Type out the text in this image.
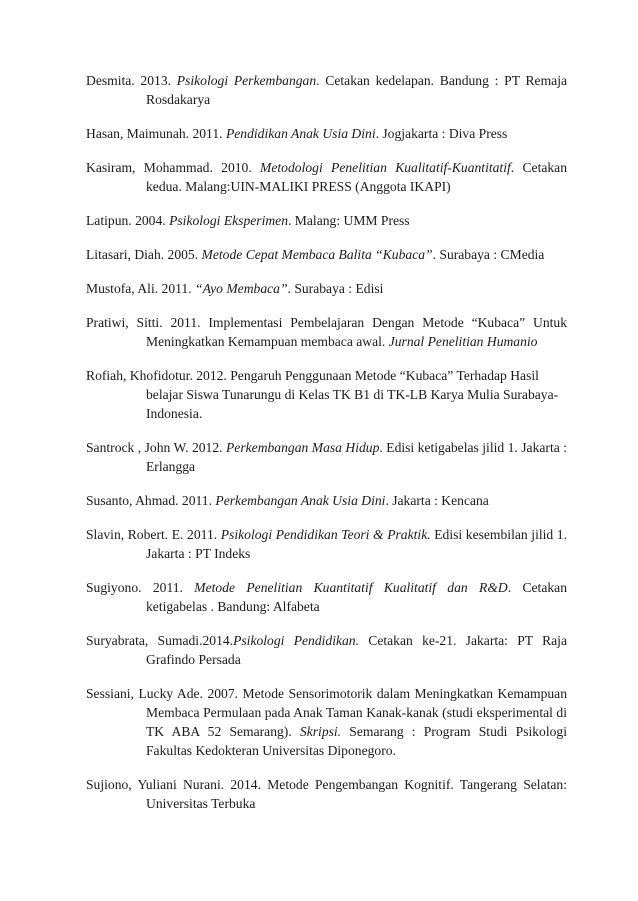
Desmita. 2013. Psikologi Perkembangan. Cetakan kedelapan. Bandung : PT Remaja Rosdakarya
Hasan, Maimunah. 2011. Pendidikan Anak Usia Dini. Jogjakarta : Diva Press
Kasiram, Mohammad. 2010. Metodologi Penelitian Kualitatif-Kuantitatif. Cetakan kedua. Malang:UIN-MALIKI PRESS (Anggota IKAPI)
Latipun. 2004. Psikologi Eksperimen. Malang: UMM Press
Litasari, Diah. 2005. Metode Cepat Membaca Balita “Kubaca”. Surabaya : CMedia
Mustofa, Ali. 2011. “Ayo Membaca”. Surabaya : Edisi
Pratiwi, Sitti. 2011. Implementasi Pembelajaran Dengan Metode “Kubaca” Untuk Meningkatkan Kemampuan membaca awal. Jurnal Penelitian Humanio
Rofiah, Khofidotur. 2012. Pengaruh Penggunaan Metode “Kubaca” Terhadap Hasil belajar Siswa Tunarungu di Kelas TK B1 di TK-LB Karya Mulia Surabaya-Indonesia.
Santrock , John W. 2012. Perkembangan Masa Hidup. Edisi ketigabelas jilid 1. Jakarta : Erlangga
Susanto, Ahmad. 2011. Perkembangan Anak Usia Dini. Jakarta : Kencana
Slavin, Robert. E. 2011. Psikologi Pendidikan Teori & Praktik. Edisi kesembilan jilid 1. Jakarta : PT Indeks
Sugiyono. 2011. Metode Penelitian Kuantitatif Kualitatif dan R&D. Cetakan ketigabelas . Bandung: Alfabeta
Suryabrata, Sumadi.2014.Psikologi Pendidikan. Cetakan ke-21. Jakarta: PT Raja Grafindo Persada
Sessiani, Lucky Ade. 2007. Metode Sensorimotorik dalam Meningkatkan Kemampuan Membaca Permulaan pada Anak Taman Kanak-kanak (studi eksperimental di TK ABA 52 Semarang). Skripsi. Semarang : Program Studi Psikologi Fakultas Kedokteran Universitas Diponegoro.
Sujiono, Yuliani Nurani. 2014. Metode Pengembangan Kognitif. Tangerang Selatan: Universitas Terbuka
